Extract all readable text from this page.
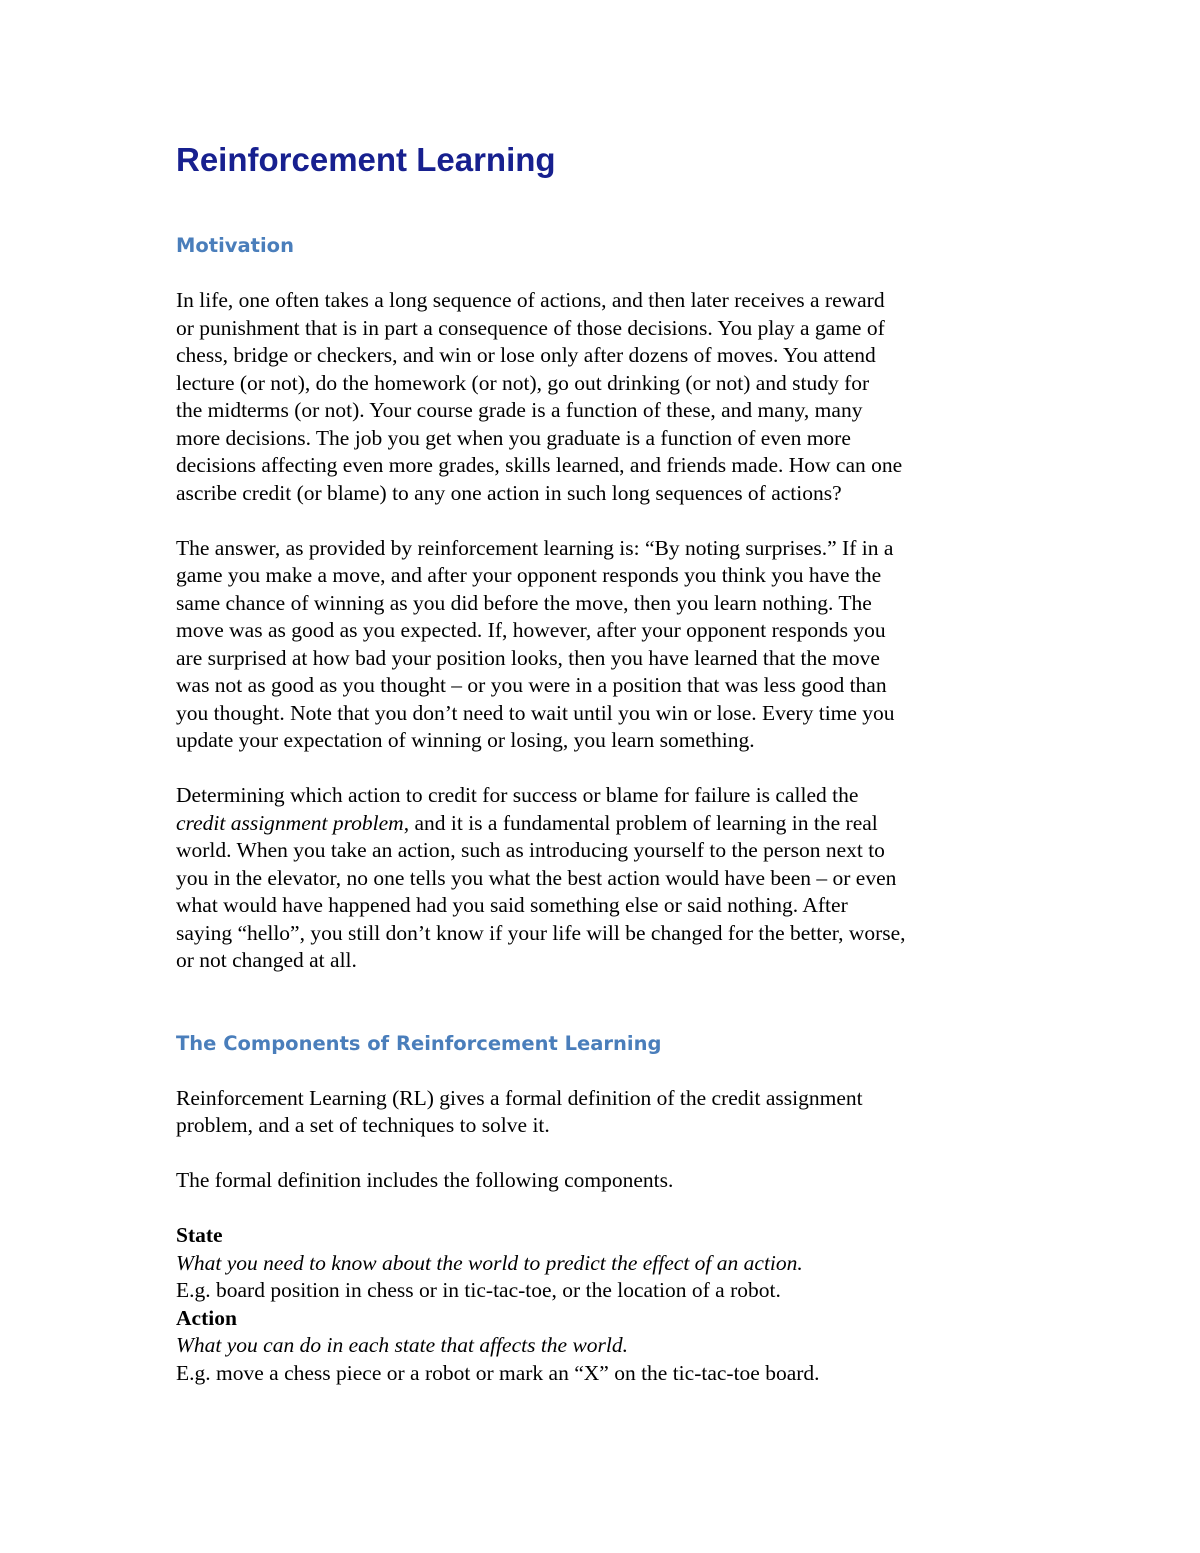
Reinforcement Learning
Motivation

In life, one often takes a long sequence of actions, and then later receives a reward
or punishment that is in part a consequence of those decisions. You play a game of
chess, bridge or checkers, and win or lose only after dozens of moves. You attend
lecture (or not), do the homework (or not), go out drinking (or not) and study for
the midterms (or not). Your course grade is a function of these, and many, many
more decisions. The job you get when you graduate is a function of even more
decisions affecting even more grades, skills learned, and friends made. How can one
ascribe credit (or blame) to any one action in such long sequences of actions?

The answer, as provided by reinforcement learning is: “By noting surprises.” If in a
game you make a move, and after your opponent responds you think you have the
same chance of winning as you did before the move, then you learn nothing. The
move was as good as you expected. If, however, after your opponent responds you
are surprised at how bad your position looks, then you have learned that the move
was not as good as you thought – or you were in a position that was less good than
you thought. Note that you don’t need to wait until you win or lose. Every time you
update your expectation of winning or losing, you learn something.

Determining which action to credit for success or blame for failure is called the
credit assignment problem, and it is a fundamental problem of learning in the real
world. When you take an action, such as introducing yourself to the person next to
you in the elevator, no one tells you what the best action would have been – or even
what would have happened had you said something else or said nothing. After
saying “hello”, you still don’t know if your life will be changed for the better, worse,
or not changed at all.

The Components of Reinforcement Learning

Reinforcement Learning (RL) gives a formal definition of the credit assignment
problem, and a set of techniques to solve it.

The formal definition includes the following components.

State
What you need to know about the world to predict the effect of an action.
E.g. board position in chess or in tic-tac-toe, or the location of a robot.
Action
What you can do in each state that affects the world.
E.g. move a chess piece or a robot or mark an “X” on the tic-tac-toe board.
